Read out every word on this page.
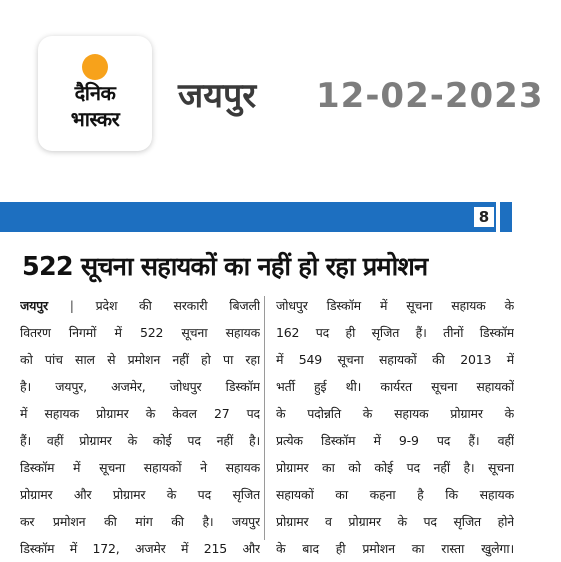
दैनिक
भास्कर
जयपुर 12-02-2023
8
522 सूचना सहायकों का नहीं हो रहा प्रमोशन
जयपुर | प्रदेश की सरकारी बिजली
वितरण निगमों में 522 सूचना सहायक
को पांच साल से प्रमोशन नहीं हो पा रहा
है। जयपुर, अजमेर, जोधपुर डिस्कॉम
में सहायक प्रोग्रामर के केवल 27 पद
हैं। वहीं प्रोग्रामर के कोई पद नहीं है।
डिस्कॉम में सूचना सहायकों ने सहायक
प्रोग्रामर और प्रोग्रामर के पद सृजित
कर प्रमोशन की मांग की है। जयपुर
डिस्कॉम में 172, अजमेर में 215 और
जोधपुर डिस्कॉम में सूचना सहायक के
162 पद ही सृजित हैं। तीनों डिस्कॉम
में 549 सूचना सहायकों की 2013 में
भर्ती हुई थी। कार्यरत सूचना सहायकों
के पदोन्नति के सहायक प्रोग्रामर के
प्रत्येक डिस्कॉम में 9-9 पद हैं। वहीं
प्रोग्रामर का को कोई पद नहीं है। सूचना
सहायकों का कहना है कि सहायक
प्रोग्रामर व प्रोग्रामर के पद सृजित होने
के बाद ही प्रमोशन का रास्ता खुलेगा।
